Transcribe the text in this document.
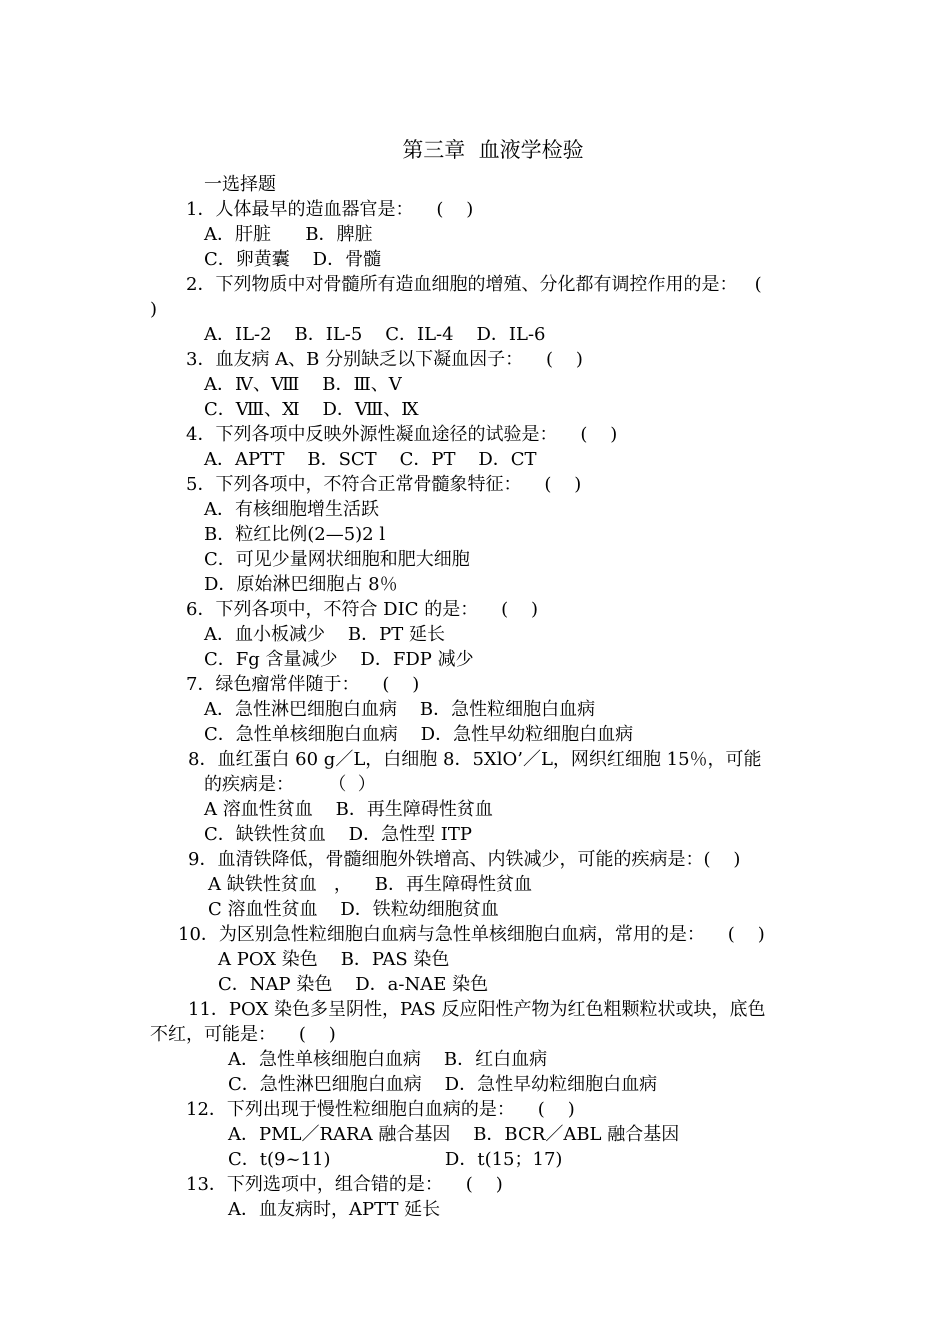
第三章  血液学检验
一选择题
1．人体最早的造血器官是：    (    )
A．肝脏      B．脾脏
C．卵黄囊    D．骨髓
2．下列物质中对骨髓所有造血细胞的增殖、分化都有调控作用的是：   (
)
A．IL-2    B．IL-5    C．IL-4    D．IL-6
3．血友病 A、B 分别缺乏以下凝血因子：    (    )
A．Ⅳ、Ⅷ    B．Ⅲ、V
C．Ⅷ、Ⅺ    D．Ⅷ、Ⅸ
4．下列各项中反映外源性凝血途径的试验是：    (    )
A．APTT    B．SCT    C．PT    D．CT
5．下列各项中，不符合正常骨髓象特征：    (    )
A．有核细胞增生活跃
B．粒红比例(2—5)2 l
C．可见少量网状细胞和肥大细胞
D．原始淋巴细胞占 8％
6．下列各项中，不符合 DIC 的是：    (    )
A．血小板减少    B．PT 延长
C．Fg 含量减少    D．FDP 减少
7．绿色瘤常伴随于：    (    )
A．急性淋巴细胞白血病    B．急性粒细胞白血病
C．急性单核细胞白血病    D．急性早幼粒细胞白血病
8．血红蛋白 60 g／L，白细胞 8．5XlO’／L，网织红细胞 15％，可能
的疾病是：      （  ）
A 溶血性贫血    B．再生障碍性贫血
C．缺铁性贫血    D．急性型 ITP
9．血清铁降低，骨髓细胞外铁增高、内铁减少，可能的疾病是：(    )
A 缺铁性贫血   ，    B．再生障碍性贫血
C 溶血性贫血    D．铁粒幼细胞贫血
10．为区别急性粒细胞白血病与急性单核细胞白血病，常用的是：    (    )
A POX 染色    B．PAS 染色
C．NAP 染色    D．a-NAE 染色
11．POX 染色多呈阴性，PAS 反应阳性产物为红色粗颗粒状或块，底色
不红，可能是：    (    )
A．急性单核细胞白血病    B．红白血病
C．急性淋巴细胞白血病    D．急性早幼粒细胞白血病
12．下列出现于慢性粒细胞白血病的是：    (    )
A．PML／RARA 融合基因    B．BCR／ABL 融合基因
C．t(9~11)                    D．t(15；17)
13．下列选项中，组合错的是：    (    )
A．血友病时，APTT 延长
